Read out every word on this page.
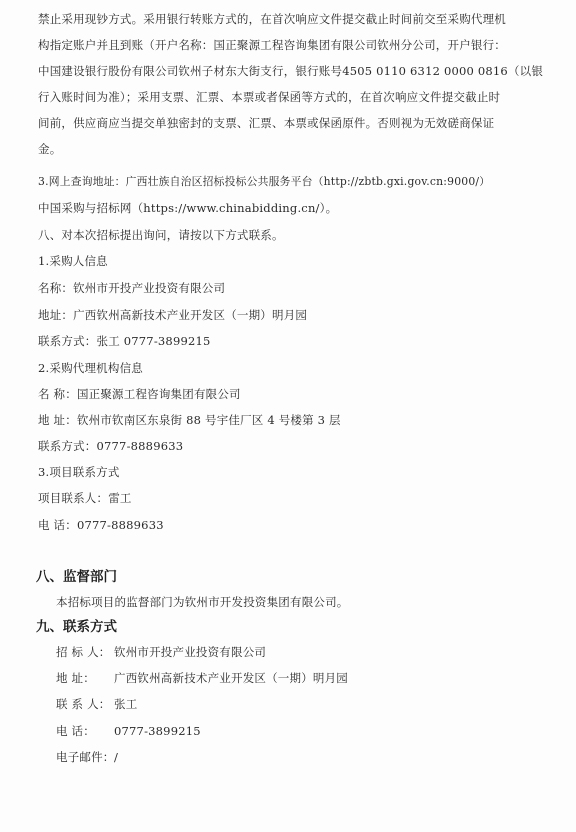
禁止采用现钞方式。采用银行转账方式的，在首次响应文件提交截止时间前交至采购代理机
构指定账户并且到账（开户名称：国正聚源工程咨询集团有限公司钦州分公司，开户银行：
中国建设银行股份有限公司钦州子材东大街支行，银行账号4505 0110 6312 0000 0816（以银
行入账时间为准）；采用支票、汇票、本票或者保函等方式的，在首次响应文件提交截止时
间前，供应商应当提交单独密封的支票、汇票、本票或保函原件。否则视为无效磋商保证
金。
3.网上查询地址：广西壮族自治区招标投标公共服务平台（http://zbtb.gxi.gov.cn:9000/）
中国采购与招标网（https://www.chinabidding.cn/）。
八、对本次招标提出询问，请按以下方式联系。
1.采购人信息
名称：钦州市开投产业投资有限公司
地址：广西钦州高新技术产业开发区（一期）明月园
联系方式：张工 0777-3899215
2.采购代理机构信息
名 称：国正聚源工程咨询集团有限公司
地 址：钦州市钦南区东泉街 88 号宇佳厂区 4 号楼第 3 层
联系方式：0777-8889633
3.项目联系方式
项目联系人：雷工
电 话：0777-8889633
八、监督部门
本招标项目的监督部门为钦州市开发投资集团有限公司。
九、联系方式
招 标 人： 钦州市开投产业投资有限公司
地 址： 广西钦州高新技术产业开发区（一期）明月园
联 系 人： 张工
电 话： 0777-3899215
电子邮件：/
